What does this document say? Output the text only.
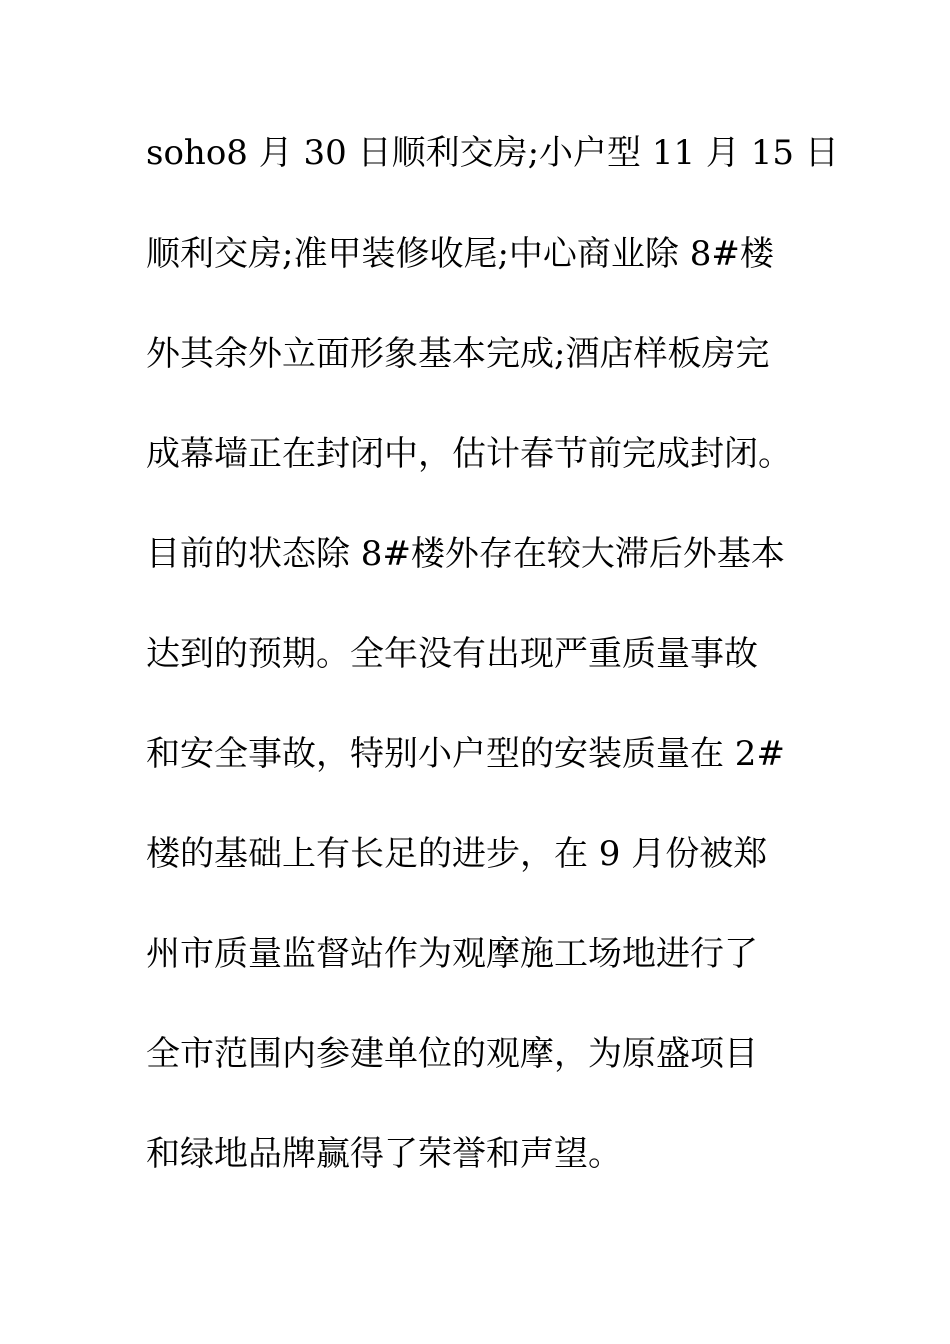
soho8 月 30 日顺利交房;小户型 11 月 15 日
顺利交房;准甲装修收尾;中心商业除 8#楼
外其余外立面形象基本完成;酒店样板房完
成幕墙正在封闭中，估计春节前完成封闭。
目前的状态除 8#楼外存在较大滞后外基本
达到的预期。全年没有出现严重质量事故
和安全事故，特别小户型的安装质量在 2#
楼的基础上有长足的进步，在 9 月份被郑
州市质量监督站作为观摩施工场地进行了
全市范围内参建单位的观摩，为原盛项目
和绿地品牌赢得了荣誉和声望。
